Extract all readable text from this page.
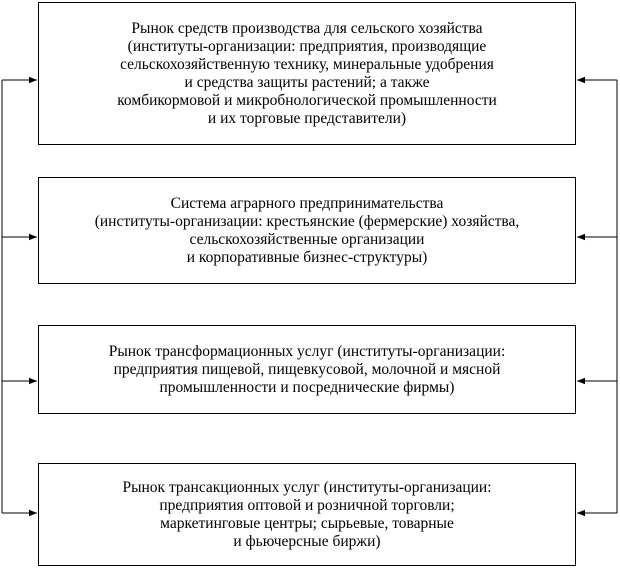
Рынок средств производства для сельского хозяйства
(институты-организации: предприятия, производящие
сельскохозяйственную технику, минеральные удобрения
и средства защиты растений; а также
комбикормовой и микробнологической промышленности
и их торговые представители)
Система аграрного предпринимательства
(институты-организации: крестьянские (фермерские) хозяйства,
сельскохозяйственные организации
и корпоративные бизнес-структуры)
Рынок трансформационных услуг (институты-организации:
предприятия пищевой, пищевкусовой, молочной и мясной
промышленности и посреднические фирмы)
Рынок трансакционных услуг (институты-организации:
предприятия оптовой и розничной торговли;
маркетинговые центры; сырьевые, товарные
и фьючерсные биржи)
